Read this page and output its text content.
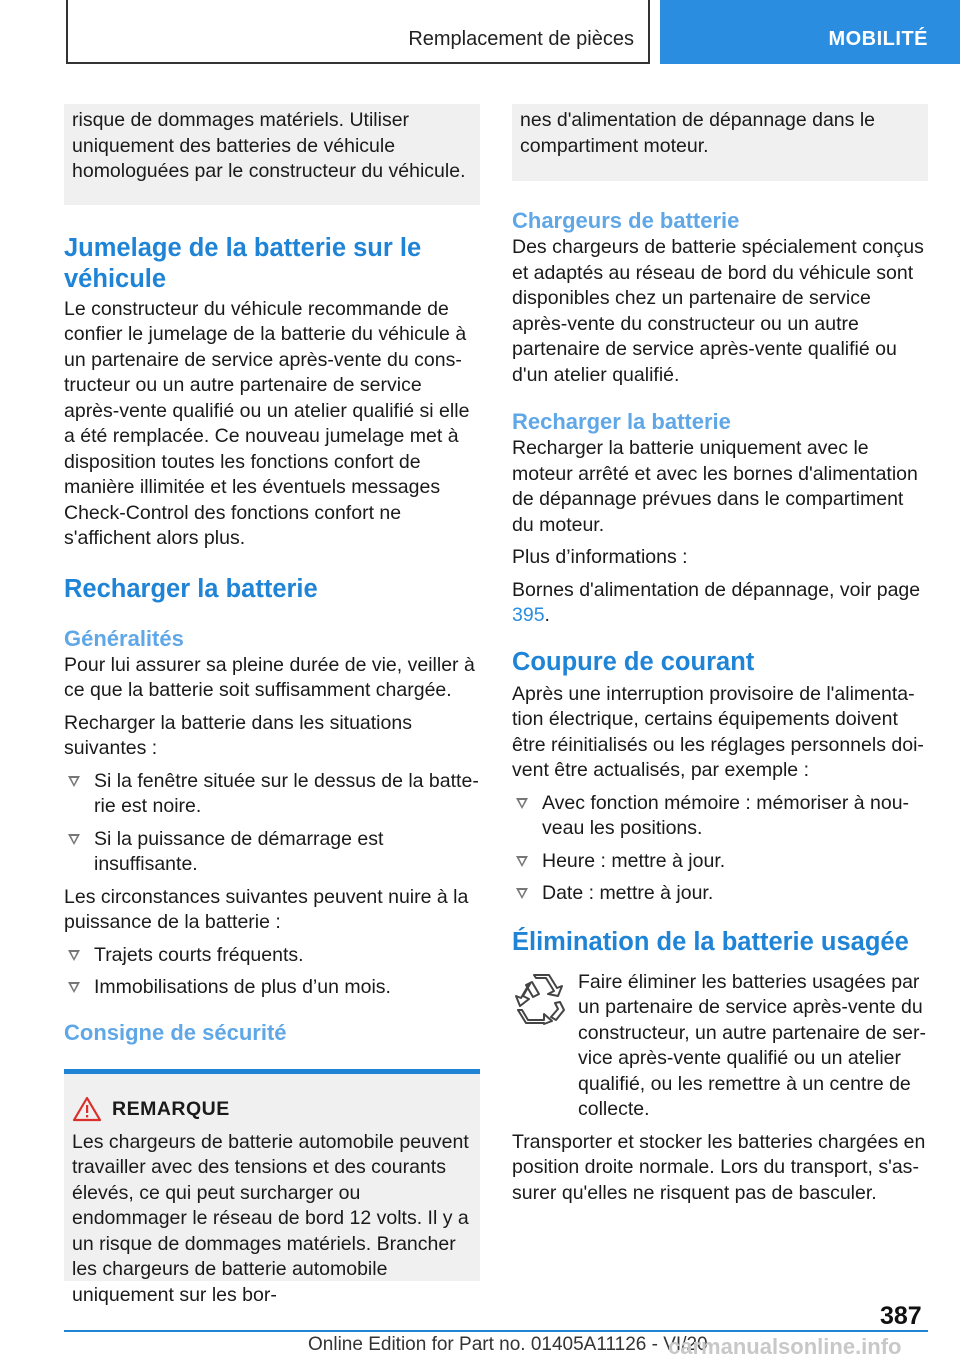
Remplacement de pièces	MOBILITÉ

risque de dommages matériels. Utiliser uniquement des batteries de véhicule homologuées par le constructeur du véhicule.

Jumelage de la batterie sur le véhicule

Le constructeur du véhicule recommande de confier le jumelage de la batterie du véhicule à un partenaire de service après-vente du constructeur ou un autre partenaire de service après-vente qualifié ou un atelier qualifié si elle a été remplacée. Ce nouveau jumelage met à disposition toutes les fonctions confort de manière illimitée et les éventuels messages Check-Control des fonctions confort ne s'affichent alors plus.

Recharger la batterie
Généralités

Pour lui assurer sa pleine durée de vie, veiller à ce que la batterie soit suffisamment chargée.

Recharger la batterie dans les situations suivantes :

Si la fenêtre située sur le dessus de la batterie est noire.
Si la puissance de démarrage est insuffisante.

Les circonstances suivantes peuvent nuire à la puissance de la batterie :

Trajets courts fréquents.
Immobilisations de plus d’un mois.
Consigne de sécurité
REMARQUE

Les chargeurs de batterie automobile peuvent travailler avec des tensions et des courants élevés, ce qui peut surcharger ou endommager le réseau de bord 12 volts. Il y a un risque de dommages matériels. Brancher les chargeurs de batterie automobile uniquement sur les bor-

nes d'alimentation de dépannage dans le compartiment moteur.

Chargeurs de batterie

Des chargeurs de batterie spécialement conçus et adaptés au réseau de bord du véhicule sont disponibles chez un partenaire de service après-vente du constructeur ou un autre partenaire de service après-vente qualifié ou d'un atelier qualifié.

Recharger la batterie

Recharger la batterie uniquement avec le moteur arrêté et avec les bornes d'alimentation de dépannage prévues dans le compartiment du moteur.

Plus d’informations :

Bornes d'alimentation de dépannage, voir page 395.

Coupure de courant

Après une interruption provisoire de l'alimentation électrique, certains équipements doivent être réinitialisés ou les réglages personnels doivent être actualisés, par exemple :

Avec fonction mémoire : mémoriser à nouveau les positions.
Heure : mettre à jour.
Date : mettre à jour.
Élimination de la batterie usagée

Faire éliminer les batteries usagées par un partenaire de service après-vente du constructeur, un autre partenaire de service après-vente qualifié ou un atelier qualifié, ou les remettre à un centre de collecte.

Transporter et stocker les batteries chargées en position droite normale. Lors du transport, s'assurer qu'elles ne risquent pas de basculer.

387
Online Edition for Part no. 01405A11126 - VI/20
carmanualsonline.info
